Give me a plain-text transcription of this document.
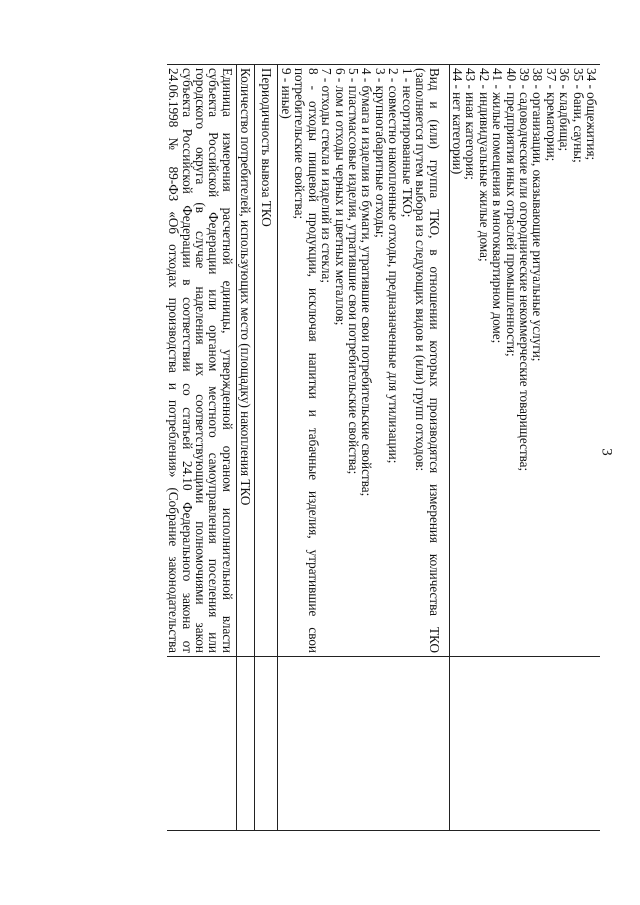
3
34 - общежития;
35 - бани, сауны;
36 - кладбища;
37 - крематории;
38 - организации, оказывающие ритуальные услуги;
39 - садоводческие или огороднические некоммерческие товарищества;
40 - предприятия иных отраслей промышленности;
41 - жилые помещения в многоквартирном доме;
42 - индивидуальные жилые дома;
43 - иная категория;
44 - нет категории)
Вид и (или) группа ТКО, в отношении которых производятся измерения количества ТКО
(заполняется путем выбора из следующих видов и (или) групп отходов:
1 - несортированные ТКО;
2 - совместно накопленные отходы, предназначенные для утилизации;
3 - крупногабаритные отходы;
4 - бумага и изделия из бумаги, утратившие свои потребительские свойства;
5 - пластмассовые изделия, утратившие свои потребительские свойства;
6 - лом и отходы черных и цветных металлов;
7 - отходы стекла и изделий из стекла;
8 - отходы пищевой продукции, исключая напитки и табачные изделия, утратившие свои
потребительские свойства;
9 - иные)
Периодичность вывоза ТКО
Количество потребителей, использующих место (площадку) накопления ТКО
Единица измерения расчетной единицы, утвержденной органом исполнительной власти
субъекта Российской Федерации или органом местного самоуправления поселения или
городского округа (в случае наделения их соответствующими полномочиями закон
субъекта Российской Федерации в соответствии со статьей 24.10 Федерального закона от
24.06.1998 № 89-ФЗ «Об отходах производства и потребления» (Собрание законодательства
